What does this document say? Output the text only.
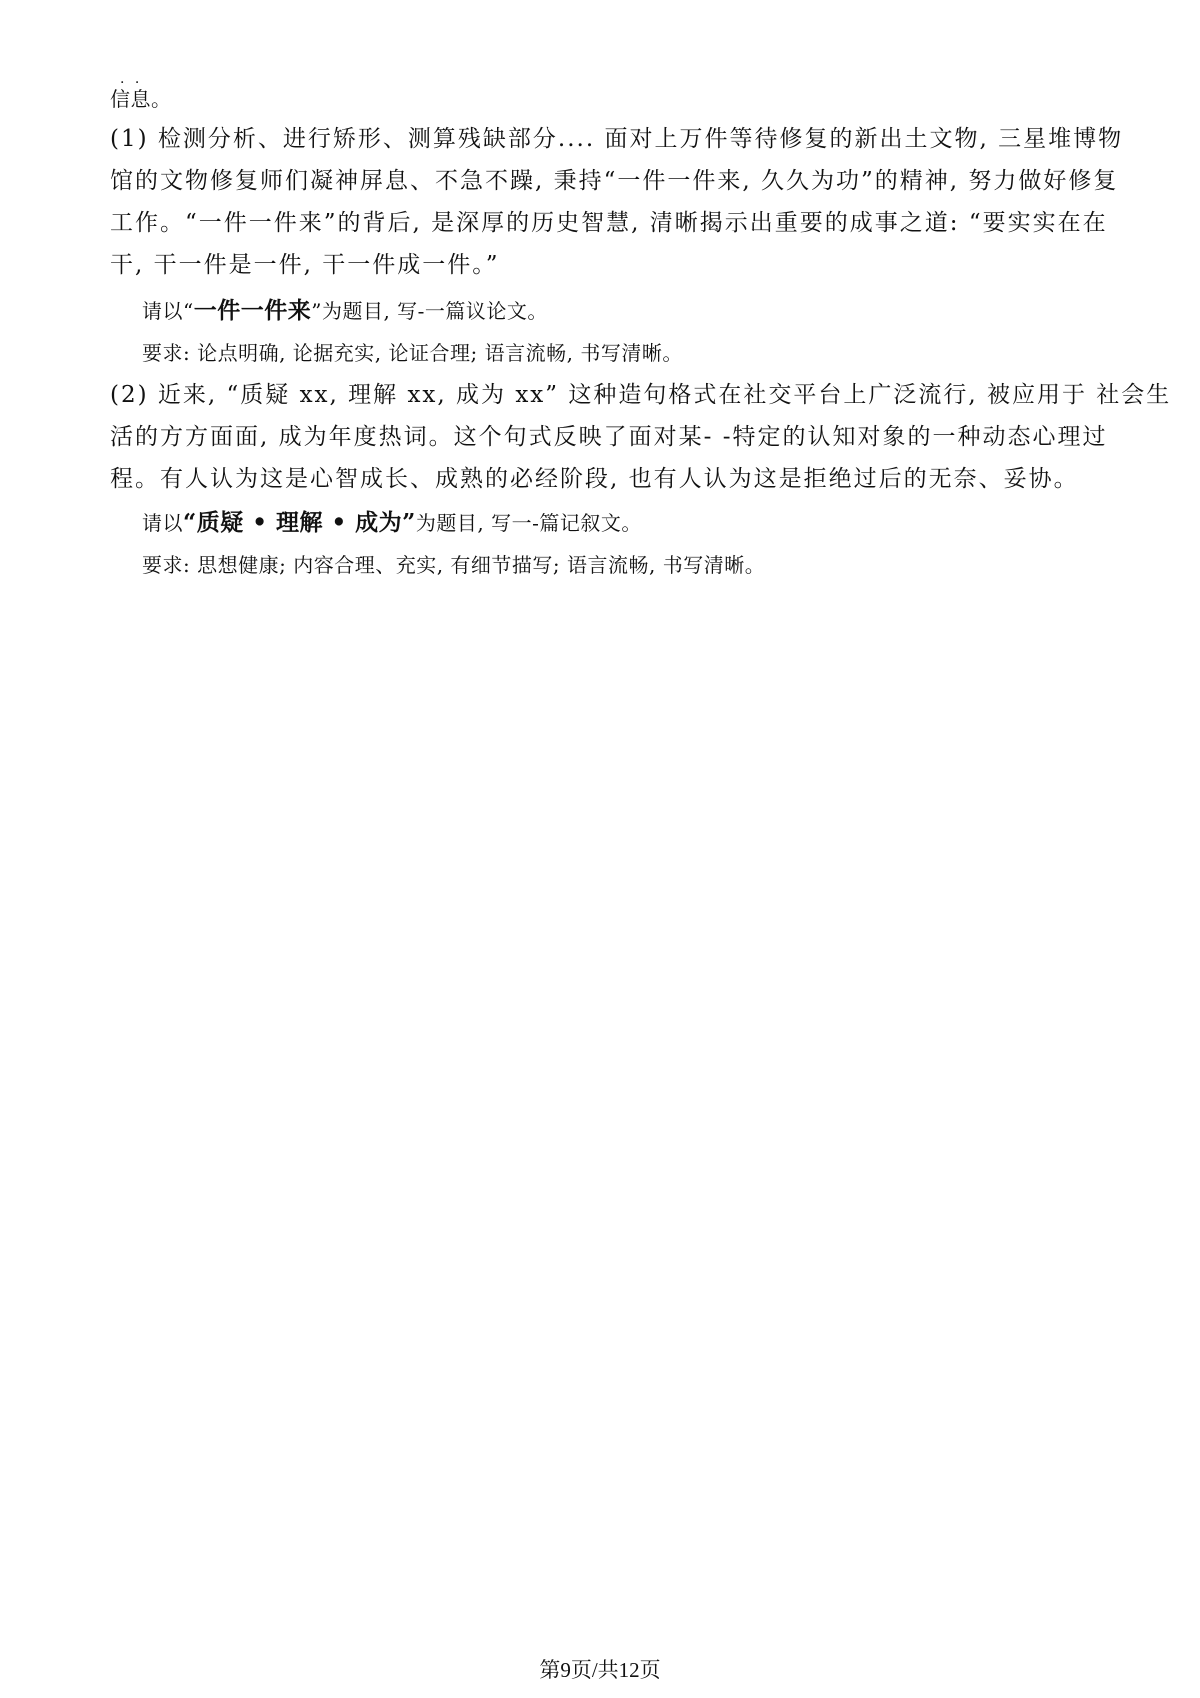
信息。 · ·
(1) 检测分析、进行矫形、测算残缺部分.... 面对上万件等待修复的新出土文物, 三星堆博物
馆的文物修复师们凝神屏息、不急不躁, 秉持“一件一件来, 久久为功”的精神, 努力做好修复
工作。“一件一件来”的背后, 是深厚的历史智慧, 清晰揭示出重要的成事之道: “要实实在在
干, 干一件是一件, 干一件成一件。”
请以“一件一件来”为题目, 写-一篇议论文。
要求: 论点明确, 论据充实, 论证合理; 语言流畅, 书写清晰。
(2) 近来, “质疑 xx, 理解 xx, 成为 xx” 这种造句格式在社交平台上广泛流行, 被应用于 社会生
活的方方面面, 成为年度热词。这个句式反映了面对某- -特定的认知对象的一种动态心理过
程。有人认为这是心智成长、成熟的必经阶段, 也有人认为这是拒绝过后的无奈、妥协。
请以“质疑 • 理解 • 成为”为题目, 写一-篇记叙文。
要求: 思想健康; 内容合理、充实, 有细节描写; 语言流畅, 书写清晰。
第9页/共12页
